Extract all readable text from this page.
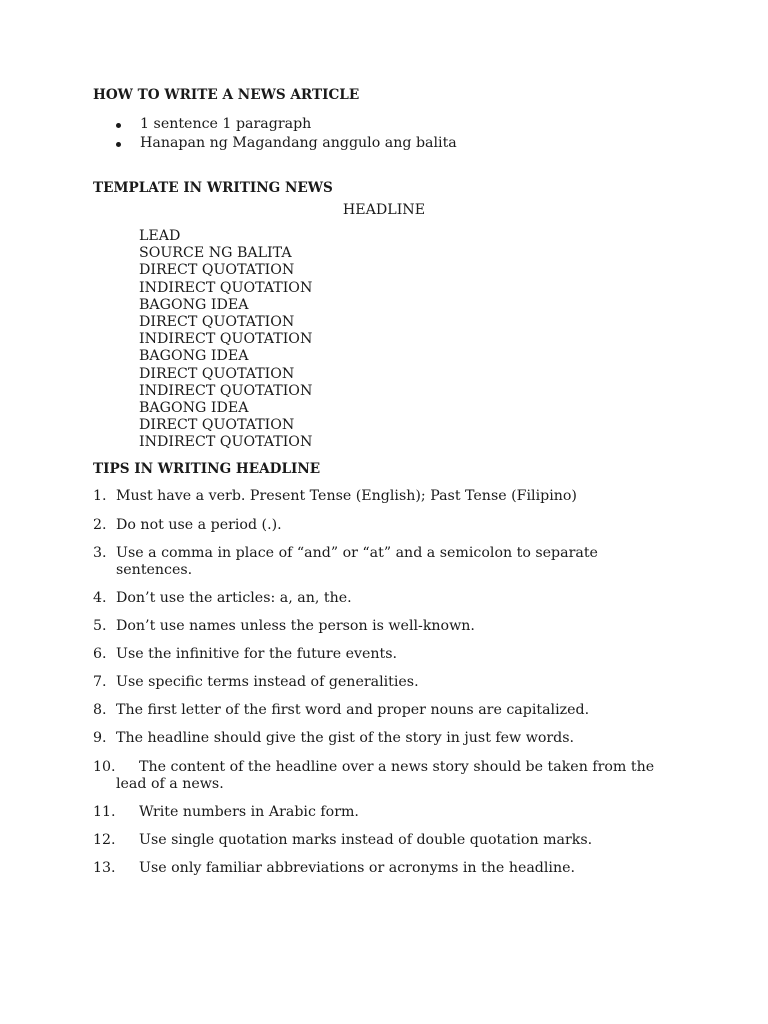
HOW TO WRITE A NEWS ARTICLE
1 sentence 1 paragraph
Hanapan ng Magandang anggulo ang balita
TEMPLATE IN WRITING NEWS
HEADLINE
LEAD
SOURCE NG BALITA
DIRECT QUOTATION
INDIRECT QUOTATION
BAGONG IDEA
DIRECT QUOTATION
INDIRECT QUOTATION
BAGONG IDEA
DIRECT QUOTATION
INDIRECT QUOTATION
BAGONG IDEA
DIRECT QUOTATION
INDIRECT QUOTATION
TIPS IN WRITING HEADLINE
1. Must have a verb. Present Tense (English); Past Tense (Filipino)
2. Do not use a period (.).
3. Use a comma in place of “and” or “at” and a semicolon to separate sentences.
4. Don’t use the articles: a, an, the.
5. Don’t use names unless the person is well-known.
6. Use the infinitive for the future events.
7. Use specific terms instead of generalities.
8. The first letter of the first word and proper nouns are capitalized.
9. The headline should give the gist of the story in just few words.
10.	The content of the headline over a news story should be taken from the lead of a news.
11.	Write numbers in Arabic form.
12.	Use single quotation marks instead of double quotation marks.
13.	Use only familiar abbreviations or acronyms in the headline.
